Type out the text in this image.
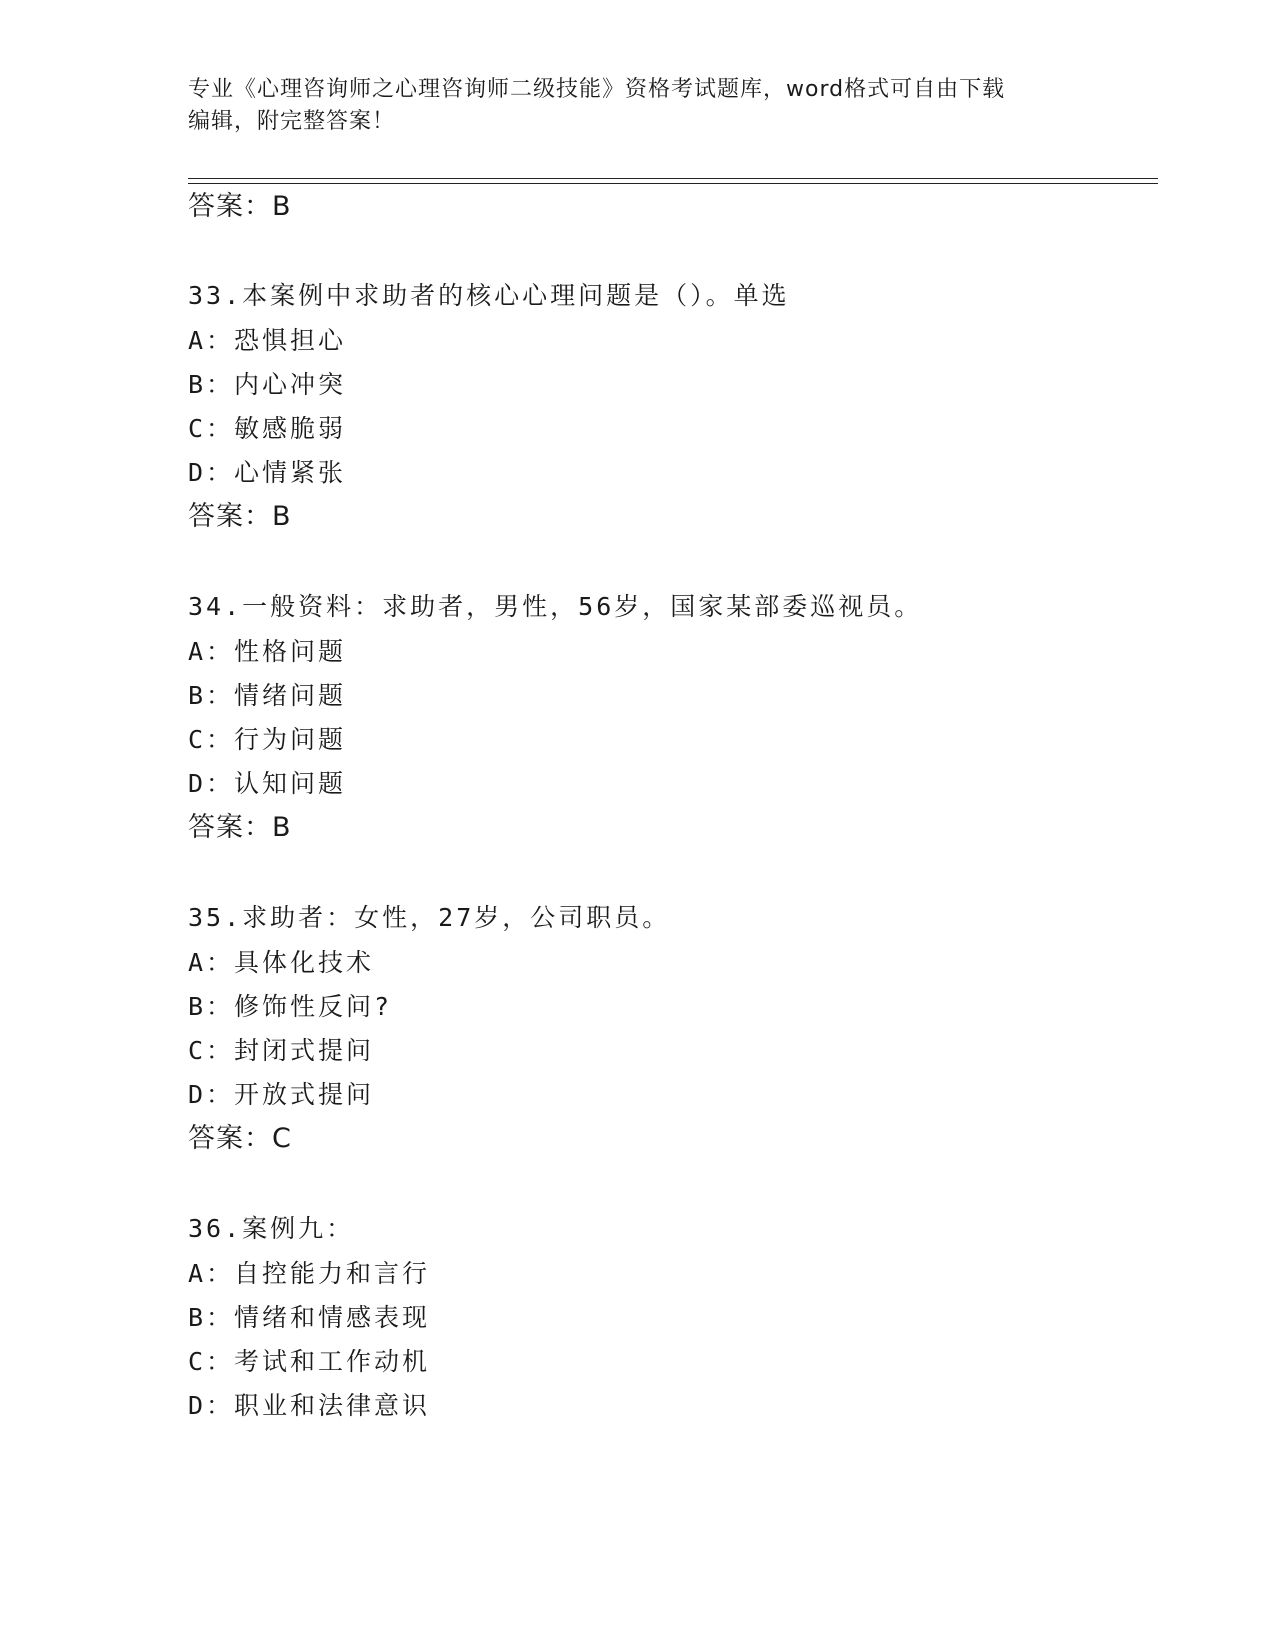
专业《心理咨询师之心理咨询师二级技能》资格考试题库，word格式可自由下载
编辑，附完整答案！
答案：B
33.本案例中求助者的核心心理问题是（）。单选
A：恐惧担心
B：内心冲突
C：敏感脆弱
D：心情紧张
答案：B
34.一般资料：求助者，男性，56岁，国家某部委巡视员。
A：性格问题
B：情绪问题
C：行为问题
D：认知问题
答案：B
35.求助者：女性，27岁，公司职员。
A：具体化技术
B：修饰性反问?
C：封闭式提问
D：开放式提问
答案：C
36.案例九：
A：自控能力和言行
B：情绪和情感表现
C：考试和工作动机
D：职业和法律意识
